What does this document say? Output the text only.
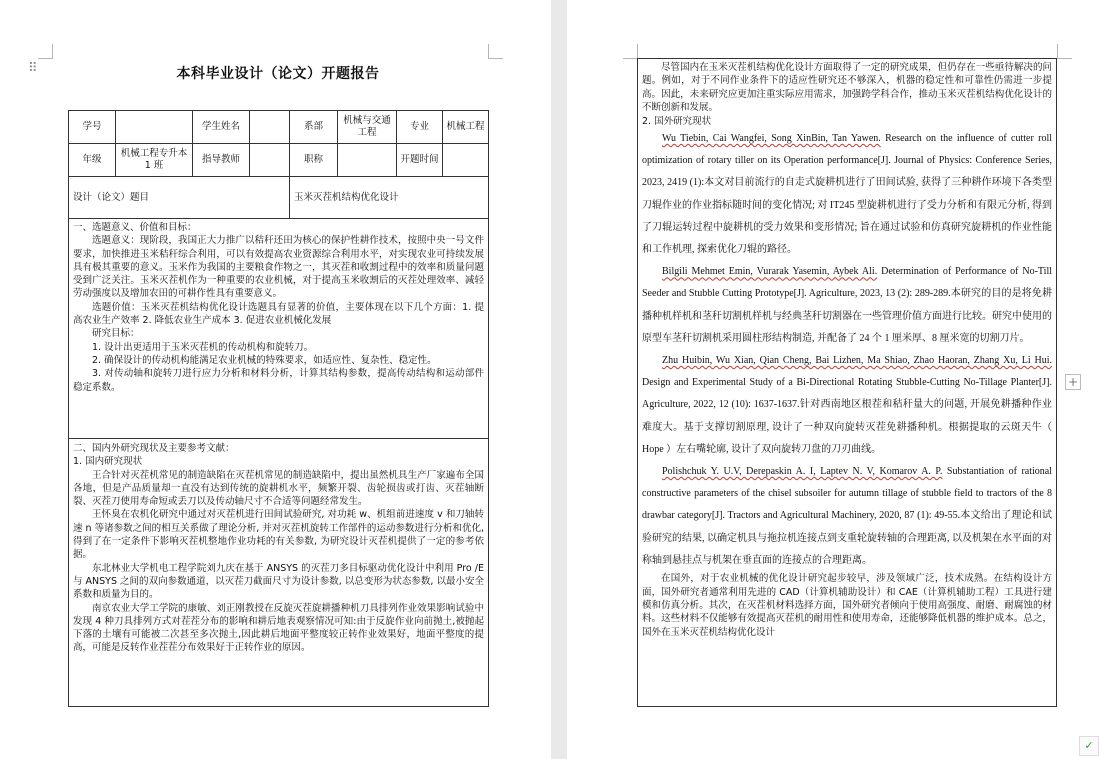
⠿	本科毕业设计（论文）开题报告
学号		学生姓名		系部	机械与交通工程	专业	机械工程
年级	机械工程专升本 1 班	指导教师		职称		开题时间	
设计（论文）题目				玉米灭茬机结构优化设计			

一、选题意义、价值和目标：

选题意义：现阶段，我国正大力推广以秸秆还田为核心的保护性耕作技术，按照中央一号文件要求，加快推进玉米秸秆综合利用，可以有效提高农业资源综合利用水平，对实现农业可持续发展具有极其重要的意义。玉米作为我国的主要粮食作物之一，其灭茬和收割过程中的效率和质量问题受到广泛关注。玉米灭茬机作为一种重要的农业机械，对于提高玉米收割后的灭茬处理效率、减轻劳动强度以及增加农田的可耕作性具有重要意义。

选题价值：玉米灭茬机结构优化设计选题具有显著的价值，主要体现在以下几个方面：1. 提高农业生产效率 2. 降低农业生产成本 3. 促进农业机械化发展

研究目标：

1. 设计出更适用于玉米灭茬机的传动机构和旋转刀。

2. 确保设计的传动机构能满足农业机械的特殊要求，如适应性、复杂性、稳定性。

3. 对传动轴和旋转刀进行应力分析和材料分析，计算其结构参数，提高传动结构和运动部件稳定系数。

二、国内外研究现状及主要参考文献：

1. 国内研究现状

王合针对灭茬机常见的制造缺陷在灭茬机常见的制造缺陷中，提出虽然机具生产厂家遍布全国各地，但是产品质量却一直没有达到传统的旋耕机水平，频繁开裂、齿轮损齿或打齿、灭茬轴断裂、灭茬刀使用寿命短或丢刀以及传动轴尺寸不合适等问题经常发生。

王怀臭在农机化研究中通过对灭茬机进行田间试验研究, 对功耗 w、机组前进速度 v 和刀轴转速 n 等诸参数之间的相互关系做了理论分析, 并对灭茬机旋转工作部件的运动参数进行分析和优化, 得到了在一定条件下影响灭茬机整地作业功耗的有关参数, 为研究设计灭茬机提供了一定的参考依据。

东北林业大学机电工程学院刘九庆在基于 ANSYS 的灭茬刀多目标驱动优化设计中利用 Pro /E 与 ANSYS 之间的双向参数通道，以灭茬刀截面尺寸为设计参数, 以总变形为状态参数, 以最小安全系数和质量为目的。

南京农业大学工学院的康敏、刘正刚教授在反旋灭茬旋耕播种机刀具排列作业效果影响试验中发现 4 种刀具排列方式对茬茬分布的影响和耕后地表观察情况可知:由于反旋作业向前抛土,被抛起下落的土壤有可能被二次甚至多次抛土,因此耕后地面平整度较正转作业效果好，地面平整度的提高，可能是反转作业茬茬分布效果好于正转作业的原因。

尽管国内在玉米灭茬机结构优化设计方面取得了一定的研究成果，但仍存在一些亟待解决的问题。例如，对于不同作业条件下的适应性研究还不够深入，机器的稳定性和可靠性仍需进一步提高。因此，未来研究应更加注重实际应用需求，加强跨学科合作，推动玉米灭茬机结构优化设计的不断创新和发展。

2. 国外研究现状

Wu Tiebin, Cai Wangfei, Song XinBin, Tan Yawen. Research on the influence of cutter roll optimization of rotary tiller on its Operation performance[J]. Journal of Physics: Conference Series, 2023, 2419 (1):本文对目前流行的自走式旋耕机进行了田间试验, 获得了三种耕作环境下各类型刀辊作业的作业指标随时间的变化情况; 对 IT245 型旋耕机进行了受力分析和有限元分析, 得到了刀辊运转过程中旋耕机的受力效果和变形情况; 旨在通过试验和仿真研究旋耕机的作业性能和工作机理, 探索优化刀辊的路径。

Bilgili Mehmet Emin, Vurarak Yasemin, Aybek Ali. Determination of Performance of No-Till Seeder and Stubble Cutting Prototype[J]. Agriculture, 2023, 13 (2): 289-289.本研究的目的是将免耕播种机样机和茎秆切割机样机与经典茎秆切割器在一些管理价值方面进行比较。研究中使用的原型车茎秆切割机采用圆柱形结构制造, 并配备了 24 个 1 厘米厚、8 厘米宽的切割刀片。

Zhu Huibin, Wu Xian, Qian Cheng, Bai Lizhen, Ma Shiao, Zhao Haoran, Zhang Xu, Li Hui. Design and Experimental Study of a Bi-Directional Rotating Stubble-Cutting No-Tillage Planter[J]. Agriculture, 2022, 12 (10): 1637-1637.针对西南地区根茬和秸秆量大的问题, 开展免耕播种作业难度大。基于支撑切割原理, 设计了一种双向旋转灭茬免耕播种机。根据提取的云斑天牛（ Hope ）左右嘴轮廓, 设计了双向旋转刀盘的刀刃曲线。

Polishchuk Y. U.V, Derepaskin A. I, Laptev N. V, Komarov A. P. Substantiation of rational constructive parameters of the chisel subsoiler for autumn tillage of stubble field to tractors of the 8 drawbar category[J]. Tractors and Agricultural Machinery, 2020, 87 (1): 49-55.本文给出了理论和试验研究的结果, 以确定机具与拖拉机连接点到支重轮旋转轴的合理距离, 以及机架在水平面的对称轴到悬挂点与机架在垂直面的连接点的合理距离。

在国外，对于农业机械的优化设计研究起步较早，涉及领域广泛，技术成熟。在结构设计方面，国外研究者通常利用先进的 CAD（计算机辅助设计）和 CAE（计算机辅助工程）工具进行建模和仿真分析。其次，在灭茬机材料选择方面，国外研究者倾向于使用高强度、耐磨、耐腐蚀的材料。这些材料不仅能够有效提高灭茬机的耐用性和使用寿命，还能够降低机器的维护成本。总之，国外在玉米灭茬机结构优化设计

+
✓
